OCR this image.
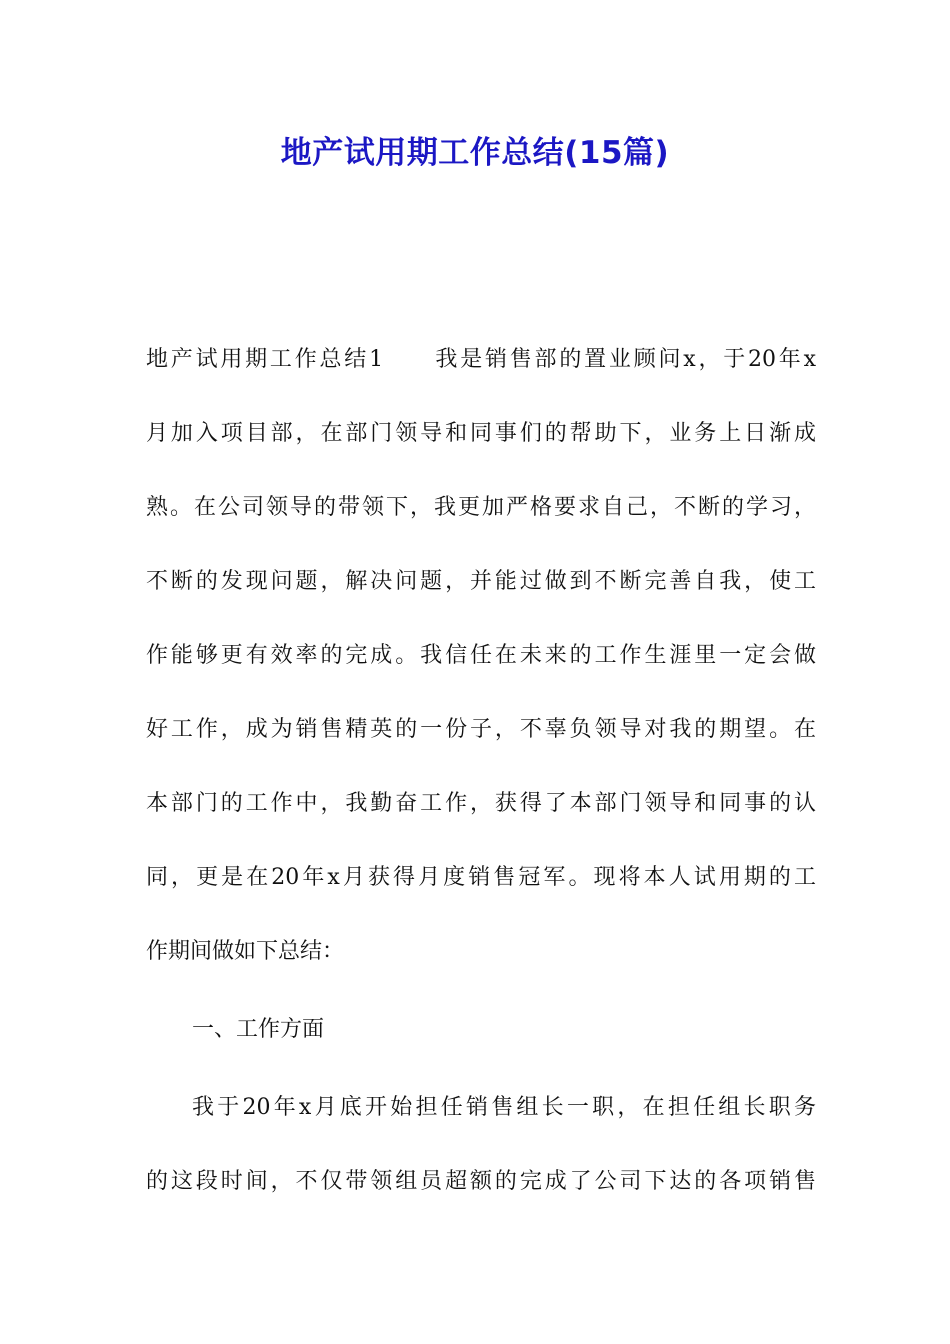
地产试用期工作总结(15篇)
地产试用期工作总结1　　我是销售部的置业顾问x，于20年x
月加入项目部，在部门领导和同事们的帮助下，业务上日渐成
熟。在公司领导的带领下，我更加严格要求自己，不断的学习，
不断的发现问题，解决问题，并能过做到不断完善自我，使工
作能够更有效率的完成。我信任在未来的工作生涯里一定会做
好工作，成为销售精英的一份子，不辜负领导对我的期望。在
本部门的工作中，我勤奋工作，获得了本部门领导和同事的认
同，更是在20年x月获得月度销售冠军。现将本人试用期的工
作期间做如下总结：
一、工作方面
我于20年x月底开始担任销售组长一职，在担任组长职务
的这段时间，不仅带领组员超额的完成了公司下达的各项销售
